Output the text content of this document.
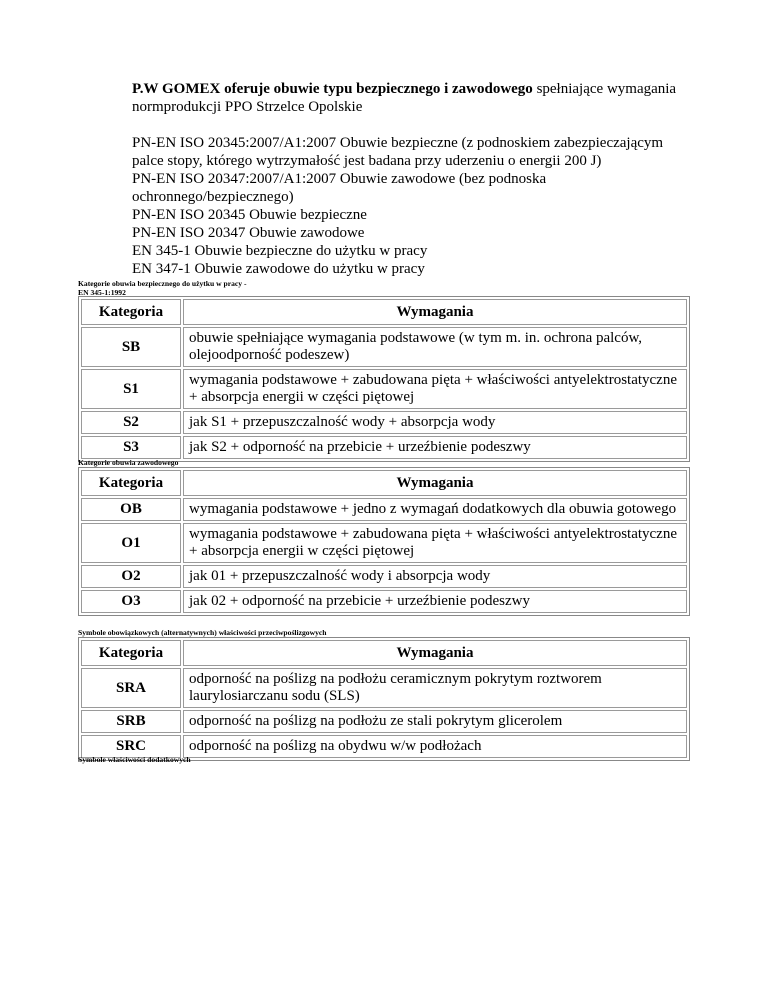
P.W GOMEX oferuje obuwie typu bezpiecznego i zawodowego spełniające wymagania normprodukcji PPO Strzelce Opolskie

PN-EN ISO 20345:2007/A1:2007 Obuwie bezpieczne (z podnoskiem zabezpieczającym palce stopy, którego wytrzymałość jest badana przy uderzeniu o energii 200 J)
PN-EN ISO 20347:2007/A1:2007 Obuwie zawodowe (bez podnoska ochronnego/bezpiecznego)
PN-EN ISO 20345 Obuwie bezpieczne
PN-EN ISO 20347 Obuwie zawodowe
EN 345-1 Obuwie bezpieczne do użytku w pracy
EN 347-1 Obuwie zawodowe do użytku w pracy
Kategorie obuwia bezpiecznego do użytku w pracy -
EN 345-1:1992
Kategoria	Wymagania
SB	obuwie spełniające wymagania podstawowe (w tym m. in. ochrona palców, olejoodporność podeszew)
S1	wymagania podstawowe + zabudowana pięta + właściwości antyelektrostatyczne + absorpcja energii w części piętowej
S2	jak S1 + przepuszczalność wody + absorpcja wody
S3	jak S2 + odporność na przebicie + urzeźbienie podeszwy
Kategorie obuwia zawodowego
Kategoria	Wymagania
OB	wymagania podstawowe + jedno z wymagań dodatkowych dla obuwia gotowego
O1	wymagania podstawowe + zabudowana pięta + właściwości antyelektrostatyczne + absorpcja energii w części piętowej
O2	jak 01 + przepuszczalność wody i absorpcja wody
O3	jak 02 + odporność na przebicie + urzeźbienie podeszwy
Symbole obowiązkowych (alternatywnych) właściwości przeciwpoślizgowych
Kategoria	Wymagania
SRA	odporność na poślizg na podłożu ceramicznym pokrytym roztworem laurylosiarczanu sodu (SLS)
SRB	odporność na poślizg na podłożu ze stali pokrytym glicerolem
SRC	odporność na poślizg na obydwu w/w podłożach
Symbole właściwości dodatkowych
